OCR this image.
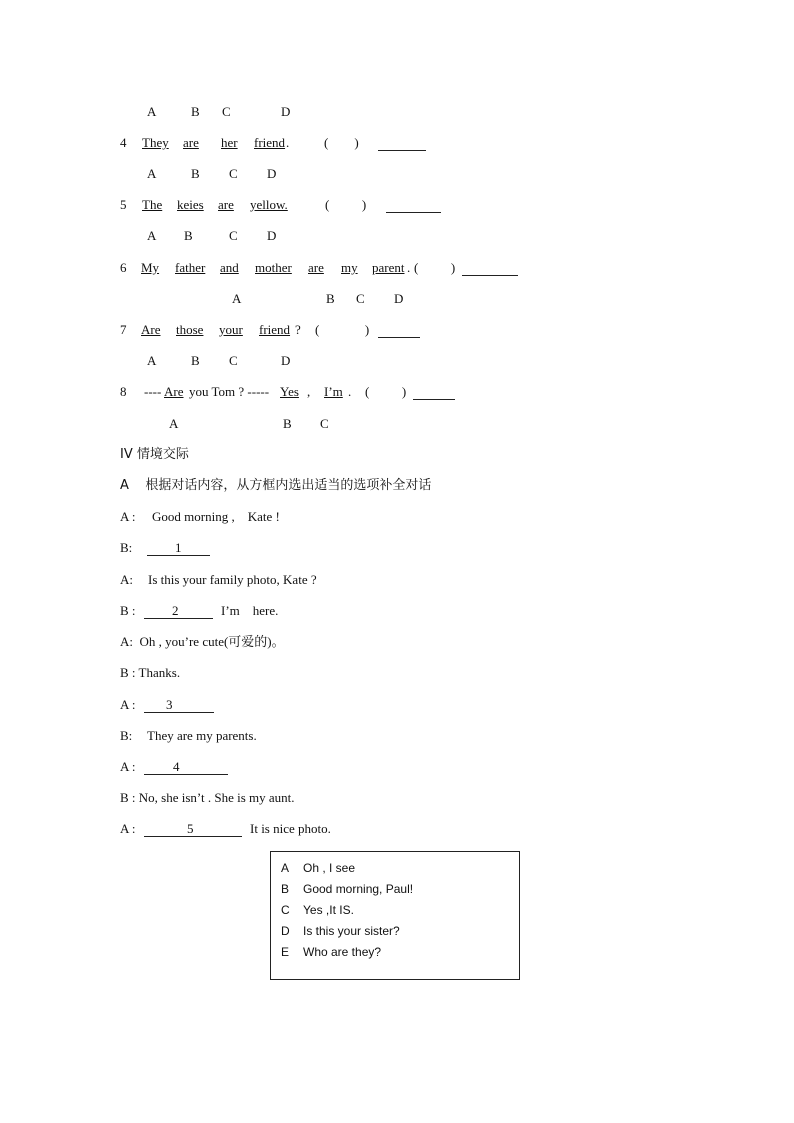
A	B C	D
4 They are her friend .	(        )
A	B C D
5 The keies are yellow.	(          )
A B	C D
6 My father and mother are my parent . (          )
A	B C D
7 Are those your friend ? (              )
A	B C	D
8 ---- Are you Tom ? ----- Yes , I’m . (          )
A	B C
IV 情境交际
A    根据对话内容，从方框内选出适当的选项补全对话
A : Good morning ,    Kate !
B:	1
A: Is this your family photo, Kate ?
B :	2	I’m    here.
A:  Oh , you’re cute(可爱的)。
B : Thanks.
A : 3
B: They are my parents.
A :	4
B : No, she isn’t . She is my aunt.
A :	5	It is nice photo.
A Oh , I see
B Good morning, Paul!
C Yes ,It IS.
D Is this your sister?
E Who are they?
